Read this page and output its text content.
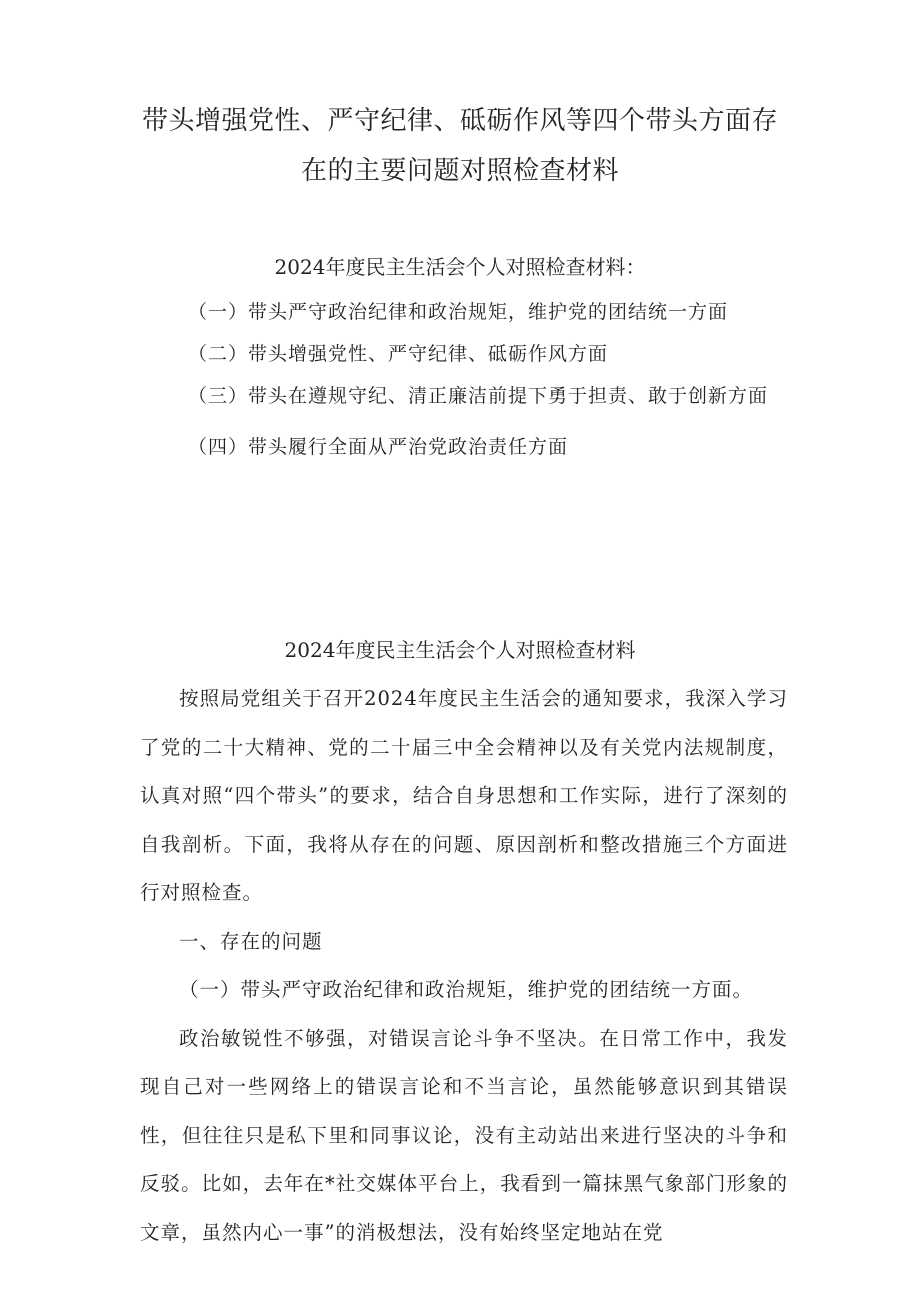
带头增强党性、严守纪律、砥砺作风等四个带头方面存
在的主要问题对照检查材料
2024年度民主生活会个人对照检查材料：

（一）带头严守政治纪律和政治规矩，维护党的团结统一方面

（二）带头增强党性、严守纪律、砥砺作风方面

（三）带头在遵规守纪、清正廉洁前提下勇于担责、敢于创新方面

（四）带头履行全面从严治党政治责任方面

2024年度民主生活会个人对照检查材料

按照局党组关于召开2024年度民主生活会的通知要求，我深入学习了党的二十大精神、党的二十届三中全会精神以及有关党内法规制度，认真对照“四个带头”的要求，结合自身思想和工作实际，进行了深刻的自我剖析。下面，我将从存在的问题、原因剖析和整改措施三个方面进行对照检查。

一、存在的问题

（一）带头严守政治纪律和政治规矩，维护党的团结统一方面。

政治敏锐性不够强，对错误言论斗争不坚决。在日常工作中，我发现自己对一些网络上的错误言论和不当言论，虽然能够意识到其错误性，但往往只是私下里和同事议论，没有主动站出来进行坚决的斗争和反驳。比如，去年在*社交媒体平台上，我看到一篇抹黑气象部门形象的文章，虽然内心一事”的消极想法，没有始终坚定地站在党
